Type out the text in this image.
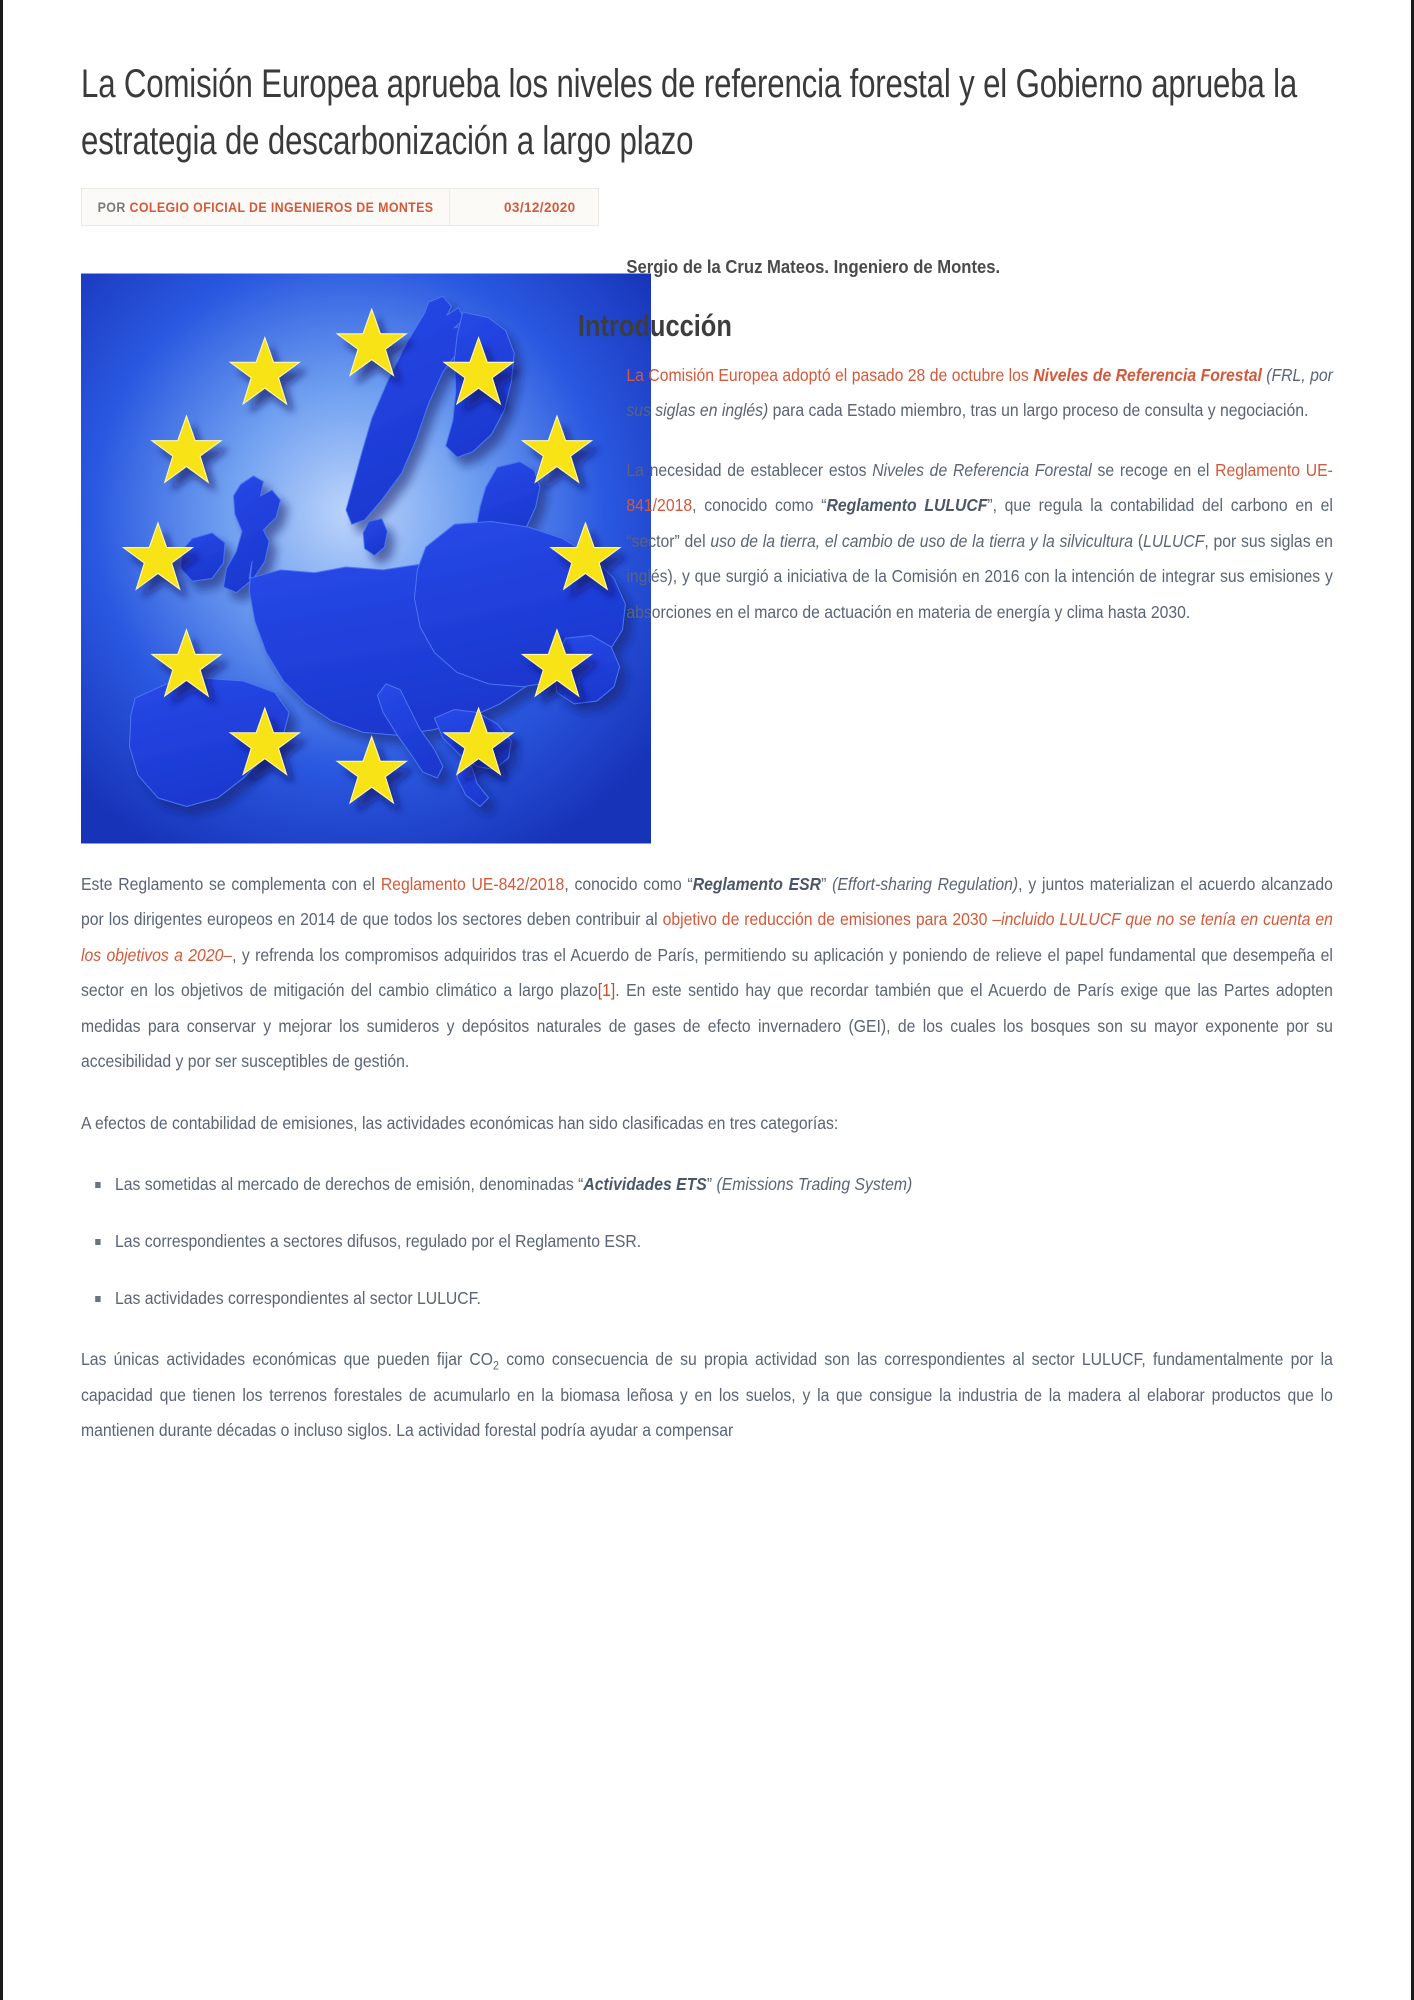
La Comisión Europea aprueba los niveles de referencia forestal y el Gobierno aprueba la estrategia de descarbonización a largo plazo
POR COLEGIO OFICIAL DE INGENIEROS DE MONTES	03/12/2020
Sergio de la Cruz Mateos. Ingeniero de Montes.
Introducción

La Comisión Europea adoptó el pasado 28 de octubre los Niveles de Referencia Forestal (FRL, por sus siglas en inglés) para cada Estado miembro, tras un largo proceso de consulta y negociación.

La necesidad de establecer estos Niveles de Referencia Forestal se recoge en el Reglamento UE-841/2018, conocido como “Reglamento LULUCF”, que regula la contabilidad del carbono en el “sector” del uso de la tierra, el cambio de uso de la tierra y la silvicultura (LULUCF, por sus siglas en inglés), y que surgió a iniciativa de la Comisión en 2016 con la intención de integrar sus emisiones y absorciones en el marco de actuación en materia de energía y clima hasta 2030.

Este Reglamento se complementa con el Reglamento UE-842/2018, conocido como “Reglamento ESR” (Effort-sharing Regulation), y juntos materializan el acuerdo alcanzado por los dirigentes europeos en 2014 de que todos los sectores deben contribuir al objetivo de reducción de emisiones para 2030 –incluido LULUCF que no se tenía en cuenta en los objetivos a 2020–, y refrenda los compromisos adquiridos tras el Acuerdo de París, permitiendo su aplicación y poniendo de relieve el papel fundamental que desempeña el sector en los objetivos de mitigación del cambio climático a largo plazo[1]. En este sentido hay que recordar también que el Acuerdo de París exige que las Partes adopten medidas para conservar y mejorar los sumideros y depósitos naturales de gases de efecto invernadero (GEI), de los cuales los bosques son su mayor exponente por su accesibilidad y por ser susceptibles de gestión.

A efectos de contabilidad de emisiones, las actividades económicas han sido clasificadas en tres categorías:

Las sometidas al mercado de derechos de emisión, denominadas “Actividades ETS” (Emissions Trading System)
Las correspondientes a sectores difusos, regulado por el Reglamento ESR.
Las actividades correspondientes al sector LULUCF.

Las únicas actividades económicas que pueden fijar $CO_2$ como consecuencia de su propia actividad son las correspondientes al sector LULUCF, fundamentalmente por la capacidad que tienen los terrenos forestales de acumularlo en la biomasa leñosa y en los suelos, y la que consigue la industria de la madera al elaborar productos que lo mantienen durante décadas o incluso siglos. La actividad forestal podría ayudar a compensar
